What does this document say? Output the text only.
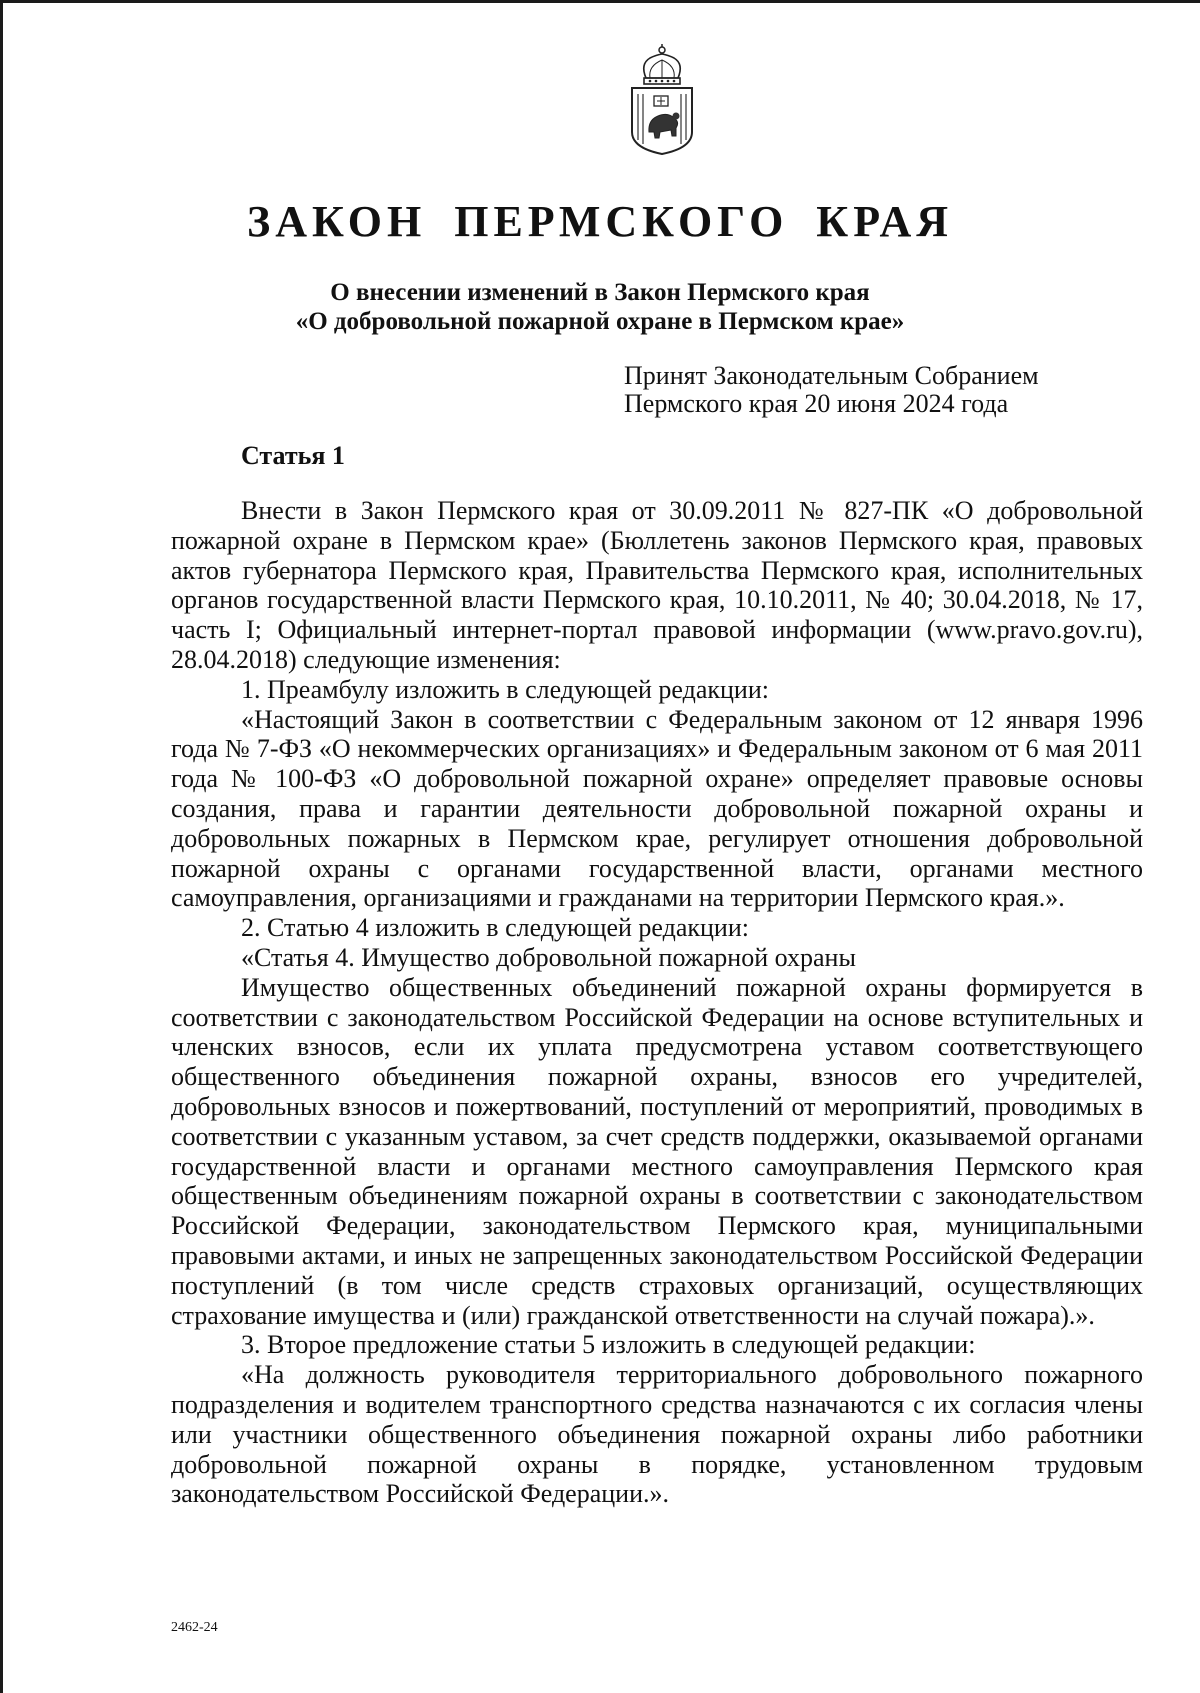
ЗАКОН ПЕРМСКОГО КРАЯ
О внесении изменений в Закон Пермского края
«О добровольной пожарной охране в Пермском крае»
Принят Законодательным Собранием
Пермского края 20 июня 2024 года
Статья 1

Внести в Закон Пермского края от 30.09.2011 № 827-ПК «О добровольной пожарной охране в Пермском крае» (Бюллетень законов Пермского края, правовых актов губернатора Пермского края, Правительства Пермского края, исполнительных органов государственной власти Пермского края, 10.10.2011, № 40; 30.04.2018, № 17, часть I; Официальный интернет-портал правовой информации (www.pravo.gov.ru), 28.04.2018) следующие изменения:

1. Преамбулу изложить в следующей редакции:

«Настоящий Закон в соответствии с Федеральным законом от 12 января 1996 года № 7-ФЗ «О некоммерческих организациях» и Федеральным законом от 6 мая 2011 года № 100-ФЗ «О добровольной пожарной охране» определяет правовые основы создания, права и гарантии деятельности добровольной пожарной охраны и добровольных пожарных в Пермском крае, регулирует отношения добровольной пожарной охраны с органами государственной власти, органами местного самоуправления, организациями и гражданами на территории Пермского края.».

2. Статью 4 изложить в следующей редакции:

«Статья 4. Имущество добровольной пожарной охраны

Имущество общественных объединений пожарной охраны формируется в соответствии с законодательством Российской Федерации на основе вступительных и членских взносов, если их уплата предусмотрена уставом соответствующего общественного объединения пожарной охраны, взносов его учредителей, добровольных взносов и пожертвований, поступлений от мероприятий, проводимых в соответствии с указанным уставом, за счет средств поддержки, оказываемой органами государственной власти и органами местного самоуправления Пермского края общественным объединениям пожарной охраны в соответствии с законодательством Российской Федерации, законодательством Пермского края, муниципальными правовыми актами, и иных не запрещенных законодательством Российской Федерации поступлений (в том числе средств страховых организаций, осуществляющих страхование имущества и (или) гражданской ответственности на случай пожара).».

3. Второе предложение статьи 5 изложить в следующей редакции:

«На должность руководителя территориального добровольного пожарного подразделения и водителем транспортного средства назначаются с их согласия члены или участники общественного объединения пожарной охраны либо работники добровольной пожарной охраны в порядке, установленном трудовым законодательством Российской Федерации.».

2462-24
